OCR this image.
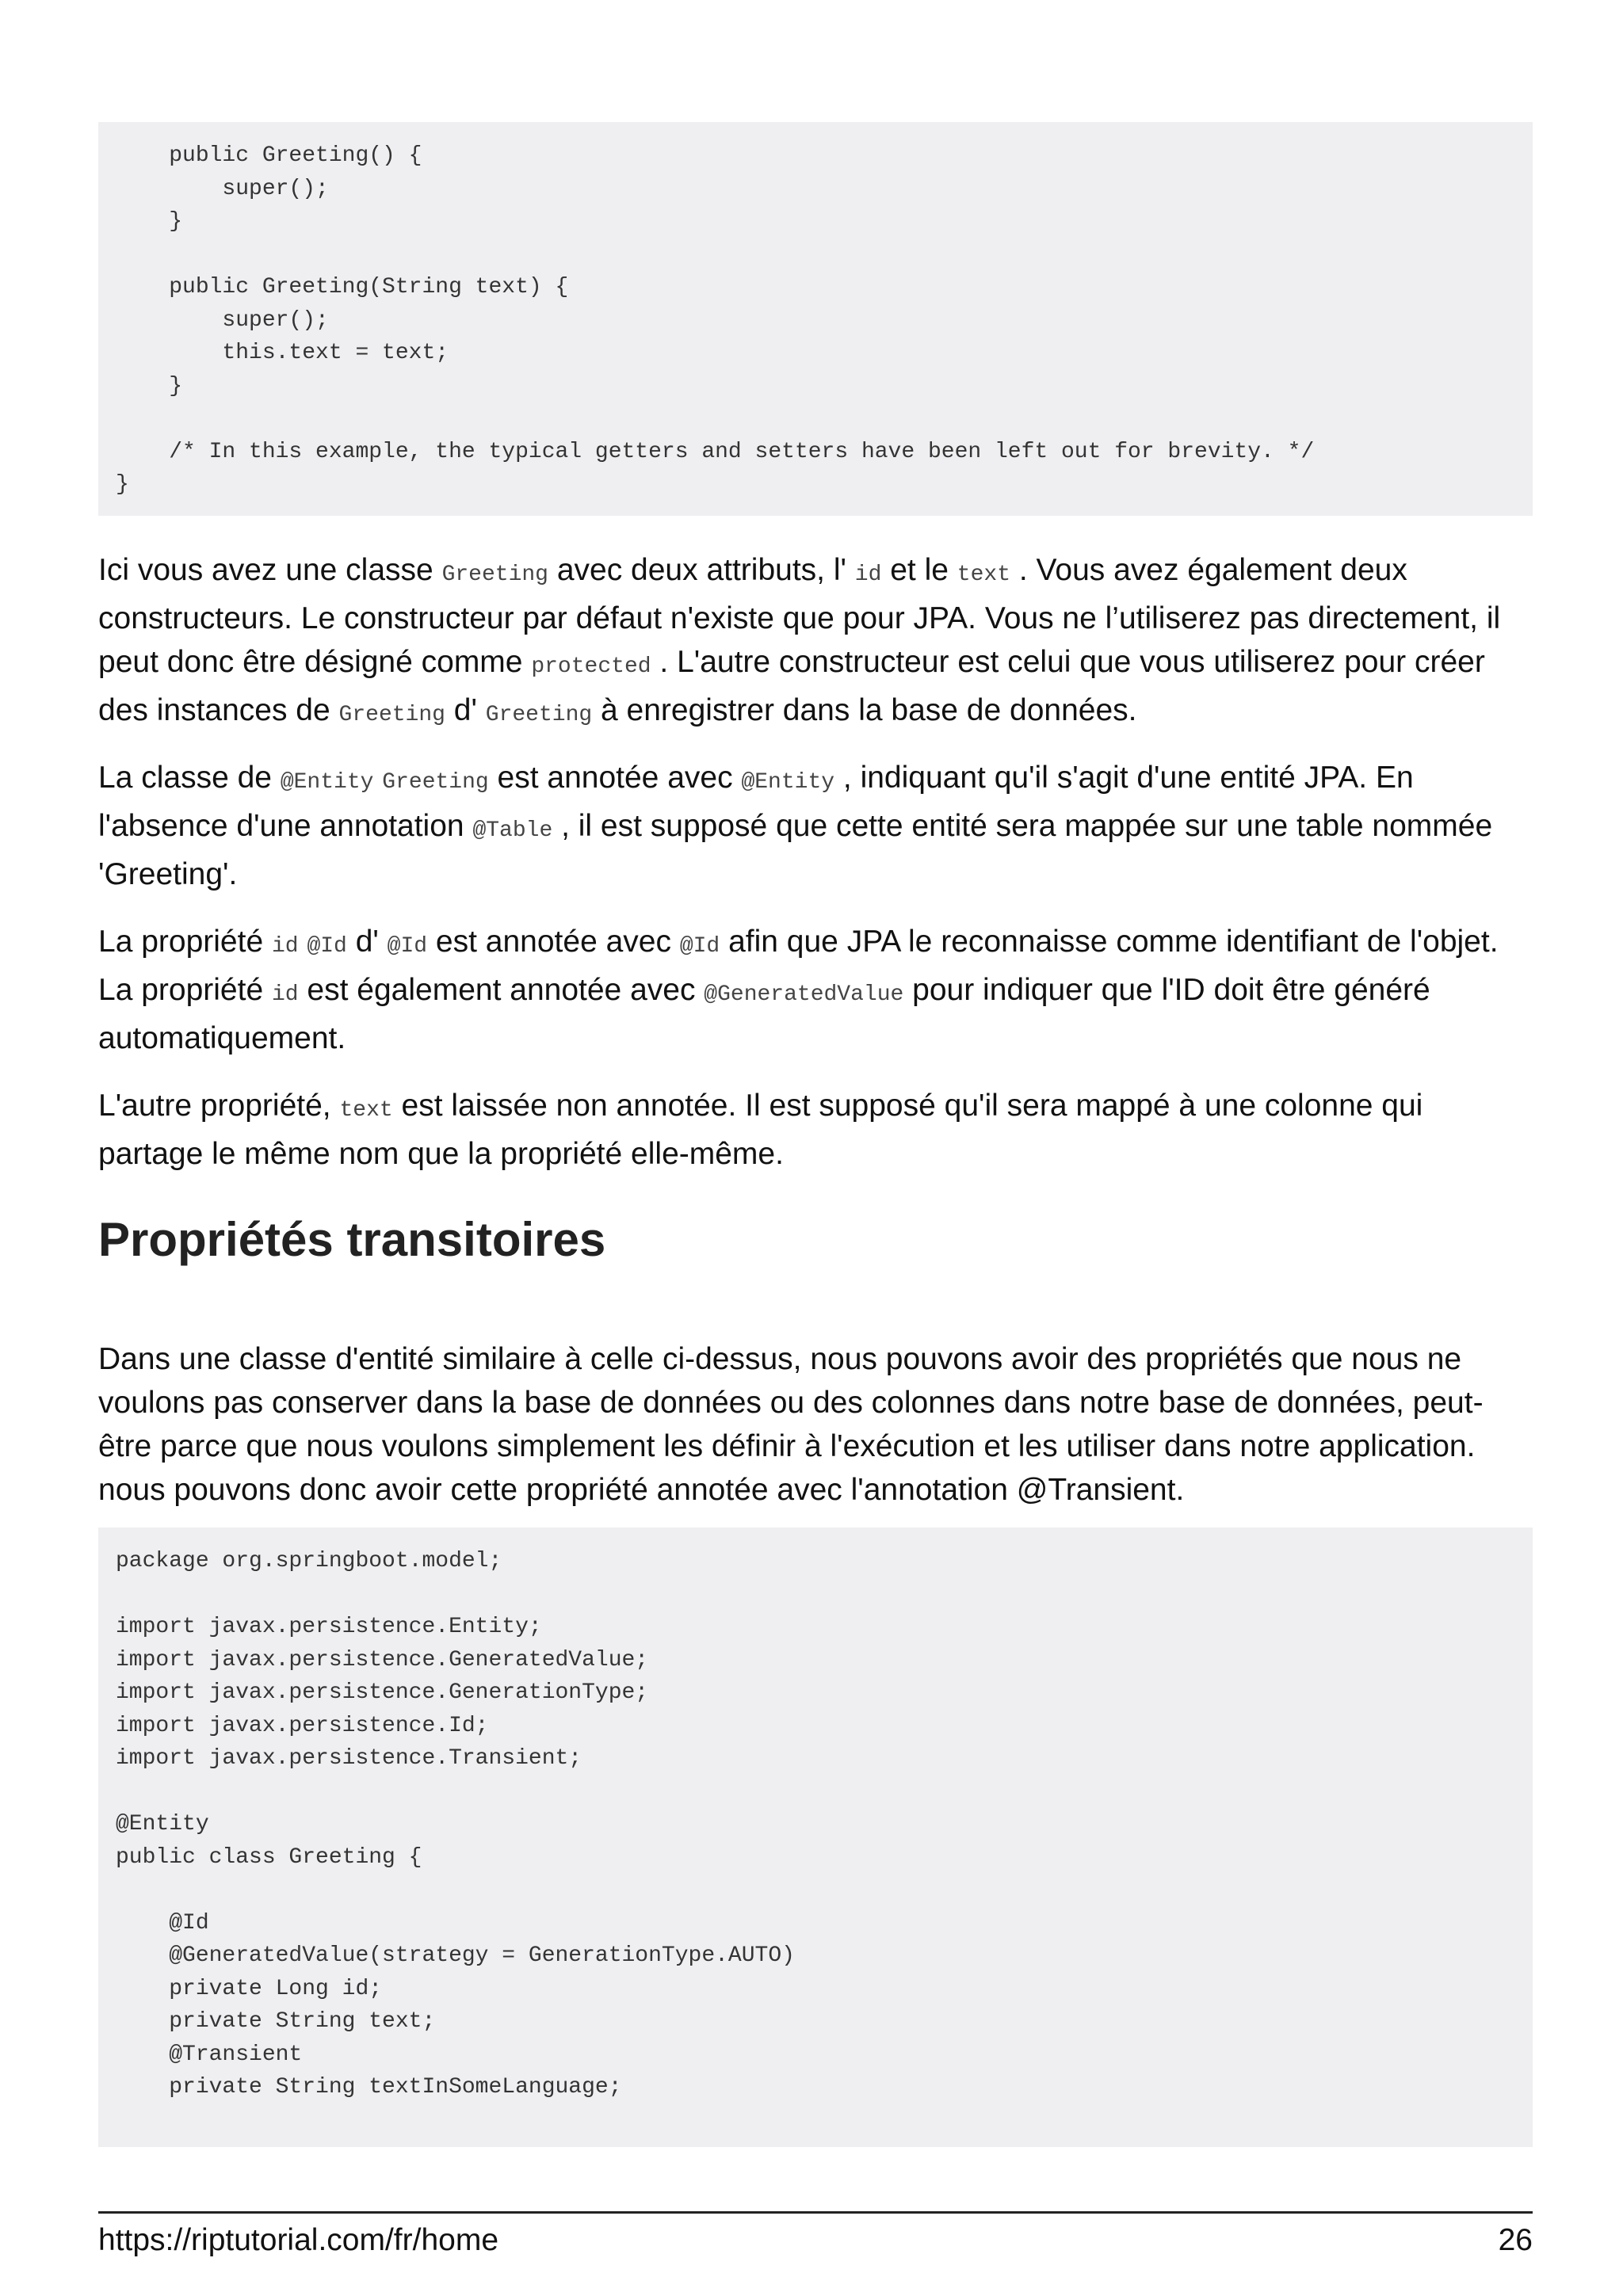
public Greeting() {
super();
}

public Greeting(String text) {
super();
this.text = text;
}

/* In this example, the typical getters and setters have been left out for brevity. */
}

Ici vous avez une classe Greeting avec deux attributs, l' id et le text . Vous avez également deux constructeurs. Le constructeur par défaut n'existe que pour JPA. Vous ne l’utiliserez pas directement, il peut donc être désigné comme protected . L'autre constructeur est celui que vous utiliserez pour créer des instances de Greeting d' Greeting à enregistrer dans la base de données.

La classe de @Entity Greeting est annotée avec @Entity , indiquant qu'il s'agit d'une entité JPA. En l'absence d'une annotation @Table , il est supposé que cette entité sera mappée sur une table nommée 'Greeting'.

La propriété id @Id d' @Id est annotée avec @Id afin que JPA le reconnaisse comme identifiant de l'objet. La propriété id est également annotée avec @GeneratedValue pour indiquer que l'ID doit être généré automatiquement.

L'autre propriété, text est laissée non annotée. Il est supposé qu'il sera mappé à une colonne qui partage le même nom que la propriété elle-même.

Propriétés transitoires

Dans une classe d'entité similaire à celle ci-dessus, nous pouvons avoir des propriétés que nous ne voulons pas conserver dans la base de données ou des colonnes dans notre base de données, peut-être parce que nous voulons simplement les définir à l'exécution et les utiliser dans notre application. nous pouvons donc avoir cette propriété annotée avec l'annotation @Transient.

package org.springboot.model;

import javax.persistence.Entity;
import javax.persistence.GeneratedValue;
import javax.persistence.GenerationType;
import javax.persistence.Id;
import javax.persistence.Transient;

@Entity
public class Greeting {

@Id
@GeneratedValue(strategy = GenerationType.AUTO)
private Long id;
private String text;
@Transient
private String textInSomeLanguage;
https://riptutorial.com/fr/home	26
